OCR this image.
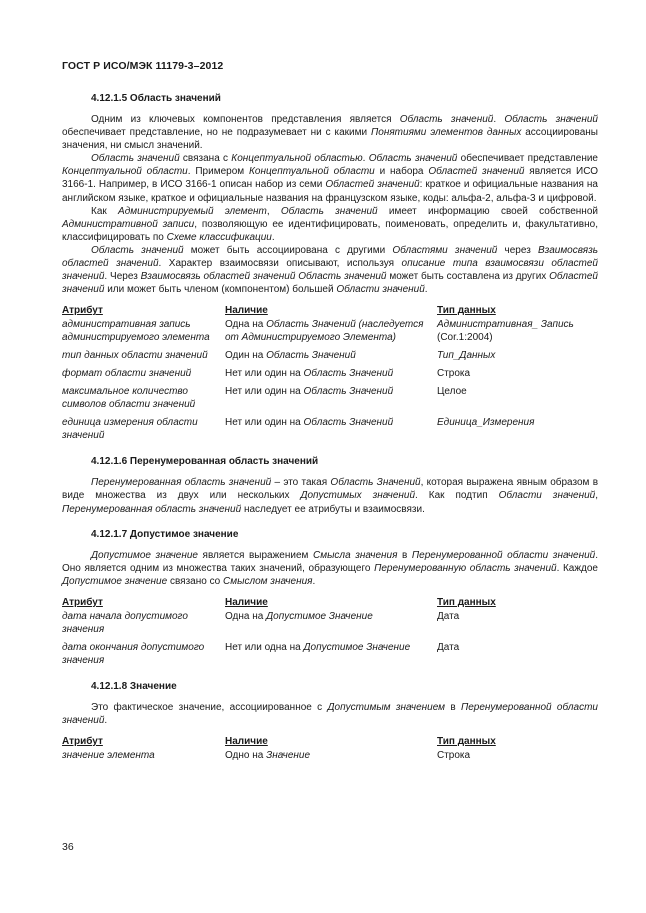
ГОСТ Р ИСО/МЭК 11179-3–2012
4.12.1.5 Область значений

Одним из ключевых компонентов представления является Область значений. Область значений обеспечивает представление, но не подразумевает ни с какими Понятиями элементов данных ассоциированы значения, ни смысл значений.

Область значений связана с Концептуальной областью. Область значений обеспечивает представление Концептуальной области. Примером Концептуальной области и набора Областей значений является ИСО 3166-1. Например, в ИСО 3166-1 описан набор из семи Областей значений: краткое и официальные названия на английском языке, краткое и официальные названия на французском языке, коды: альфа-2, альфа-3 и цифровой.

Как Администрируемый элемент, Область значений имеет информацию своей собственной Административной записи, позволяющую ее идентифицировать, поименовать, определить и, факультативно, классифицировать по Схеме классификации.

Область значений может быть ассоциирована с другими Областями значений через Взаимосвязь областей значений. Характер взаимосвязи описывают, используя описание типа взаимосвязи областей значений. Через Взаимосвязь областей значений Область значений может быть составлена из других Областей значений или может быть членом (компонентом) большей Области значений.

Атрибут	Наличие	Тип данных
административная запись администрируемого элемента	Одна на Область Значений (наследуется от Администрируемого Элемента)	Административная_ Запись
(Cor.1:2004)
тип данных области значений	Один на Область Значений	Тип_Данных
формат области значений	Нет или один на Область Значений	Строка
максимальное количество символов области значений	Нет или один на Область Значений	Целое
единица измерения области значений	Нет или один на Область Значений	Единица_Измерения
4.12.1.6 Перенумерованная область значений

Перенумерованная область значений – это такая Область Значений, которая выражена явным образом в виде множества из двух или нескольких Допустимых значений. Как подтип Области значений, Перенумерованная область значений наследует ее атрибуты и взаимосвязи.

4.12.1.7 Допустимое значение

Допустимое значение является выражением Смысла значения в Перенумерованной области значений. Оно является одним из множества таких значений, образующего Перенумерованную область значений. Каждое Допустимое значение связано со Смыслом значения.

Атрибут	Наличие	Тип данных
дата начала допустимого значения	Одна на Допустимое Значение	Дата
дата окончания допустимого значения	Нет или одна на Допустимое Значение	Дата
4.12.1.8 Значение

Это фактическое значение, ассоциированное с Допустимым значением в Перенумерованной области значений.

Атрибут	Наличие	Тип данных
значение элемента	Одно на Значение	Строка
36
